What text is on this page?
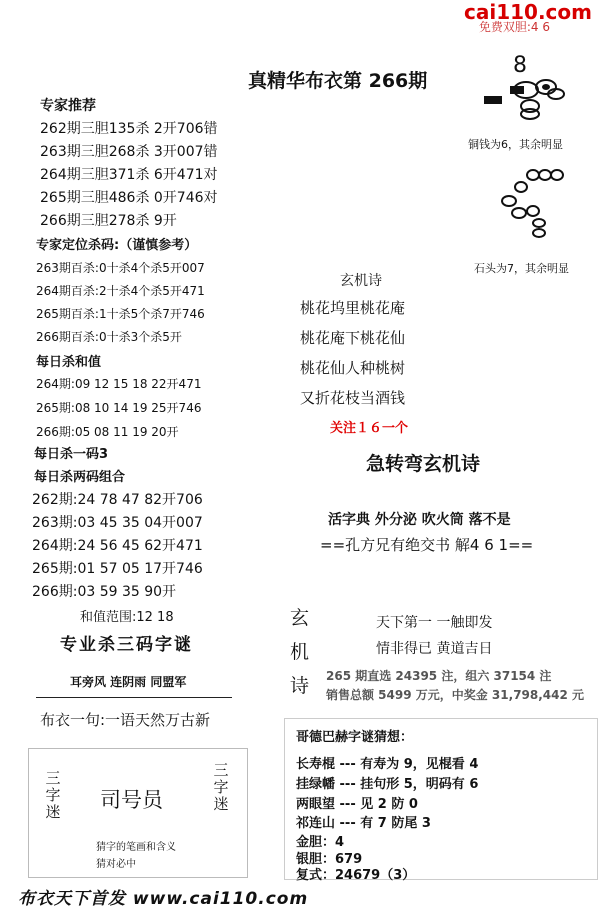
cai110.com
免费双胆:4 6
真精华布衣第 266期
专家推荐
262期三胆135杀 2开706错
263期三胆268杀 3开007错
264期三胆371杀 6开471对
265期三胆486杀 0开746对
266期三胆278杀 9开
专家定位杀码:（谨慎参考）
263期百杀:0十杀4个杀5开007
264期百杀:2十杀4个杀5开471
265期百杀:1十杀5个杀7开746
266期百杀:0十杀3个杀5开
每日杀和值
264期:09 12 15 18 22开471
265期:08 10 14 19 25开746
266期:05 08 11 19 20开
每日杀一码3
每日杀两码组合
262期:24 78 47 82开706
263期:03 45 35 04开007
264期:24 56 45 62开471
265期:01 57 05 17开746
266期:03 59 35 90开
和值范围:12 18
专业杀三码字谜
耳旁风 连阴雨 同盟军
布衣一句:一语天然万古新
三字迷
三字迷
司号员
猜字的笔画和含义
猜对必中
8
铜钱为6，其余明显
石头为7，其余明显
玄机诗
桃花坞里桃花庵
桃花庵下桃花仙
桃花仙人种桃树
又折花枝当酒钱
关注１６一个
急转弯玄机诗
活字典 外分泌 吹火筒 落不是
==孔方兄有绝交书 解4 6 1==
玄
机
诗
天下第一 一触即发
情非得已 黄道吉日
265 期直选 24395 注，组六 37154 注
销售总额 5499 万元，中奖金 31,798,442 元
哥德巴赫字谜猜想：
长寿棍 --- 有寿为 9，见棍看 4
挂绿幡 --- 挂句形 5，明码有 6
两眼望 --- 见 2 防 0
祁连山 --- 有 7 防尾 3
金胆：4
银胆：679
复式：24679（3）
布衣天下首发 www.cai110.com
